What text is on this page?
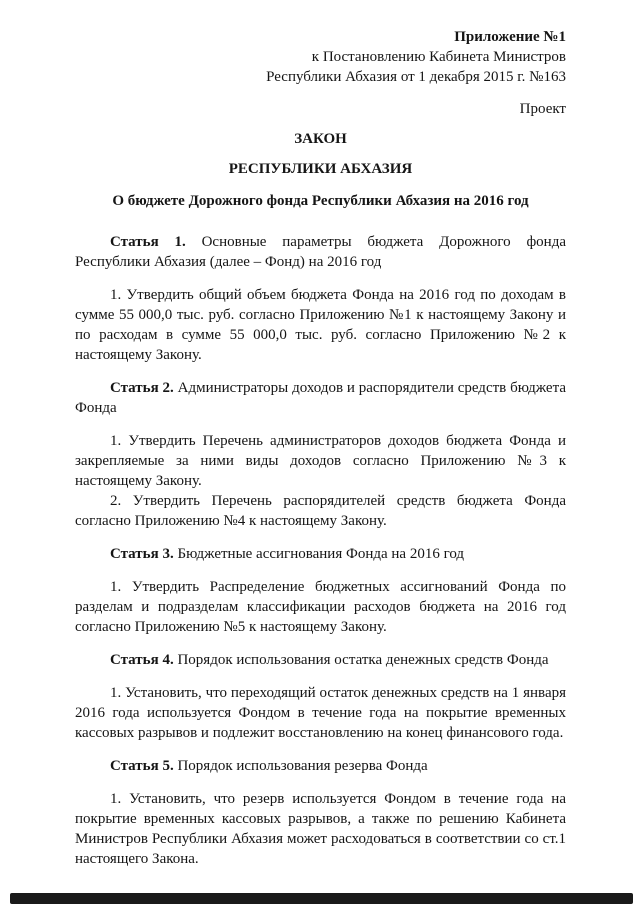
Приложение №1
к Постановлению Кабинета Министров
Республики Абхазия от 1 декабря 2015 г. №163
Проект
ЗАКОН
РЕСПУБЛИКИ АБХАЗИЯ
О бюджете Дорожного фонда Республики Абхазия на 2016 год

Статья 1. Основные параметры бюджета Дорожного фонда Республики Абхазия (далее – Фонд) на 2016 год

1. Утвердить общий объем бюджета Фонда на 2016 год по доходам в сумме 55 000,0 тыс. руб. согласно Приложению №1 к настоящему Закону и по расходам в сумме 55 000,0 тыс. руб. согласно Приложению №2 к настоящему Закону.

Статья 2. Администраторы доходов и распорядители средств бюджета Фонда

1. Утвердить Перечень администраторов доходов бюджета Фонда и закрепляемые за ними виды доходов согласно Приложению №3 к настоящему Закону.

2. Утвердить Перечень распорядителей средств бюджета Фонда согласно Приложению №4 к настоящему Закону.

Статья 3. Бюджетные ассигнования Фонда на 2016 год

1. Утвердить Распределение бюджетных ассигнований Фонда по разделам и подразделам классификации расходов бюджета на 2016 год согласно Приложению №5 к настоящему Закону.

Статья 4. Порядок использования остатка денежных средств Фонда

1. Установить, что переходящий остаток денежных средств на 1 января 2016 года используется Фондом в течение года на покрытие временных кассовых разрывов и подлежит восстановлению на конец финансового года.

Статья 5. Порядок использования резерва Фонда

1. Установить, что резерв используется Фондом в течение года на покрытие временных кассовых разрывов, а также по решению Кабинета Министров Республики Абхазия может расходоваться в соответствии со ст.1 настоящего Закона.
